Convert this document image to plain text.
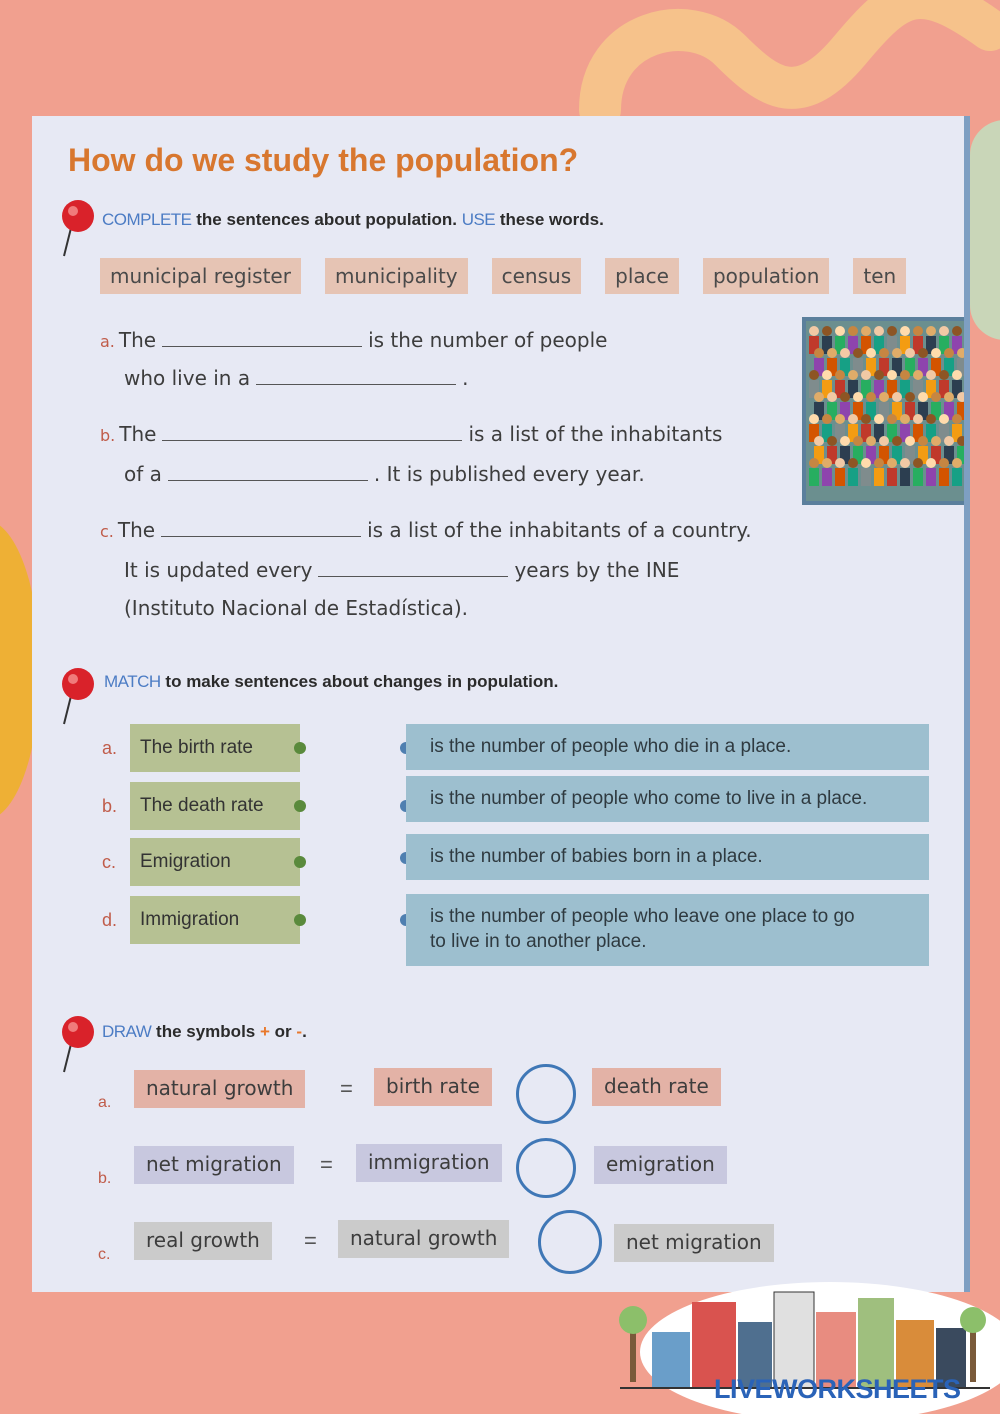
How do we study the population?
COMPLETE the sentences about population. USE these words.
municipal register	municipality	census	place	population	ten
a. The	is the number of people
who live in a	.
b. The	is a list of the inhabitants
of a	. It is published every year.
c. The	is a list of the inhabitants of a country.
It is updated every	years by the INE
(Instituto Nacional de Estadística).
MATCH to make sentences about changes in population.
a.	The birth rate	is the number of people who die in a place.
b.	The death rate	is the number of people who come to live in a place.
c.	Emigration	is the number of babies born in a place.
d.	Immigration	is the number of people who leave one place to go to live in to another place.
DRAW the symbols + or -.
a.
natural growth	=	birth rate	death rate
b.
net migration	=	immigration	emigration
c.
real growth	=	natural growth	net migration
LIVEWORKSHEETS
